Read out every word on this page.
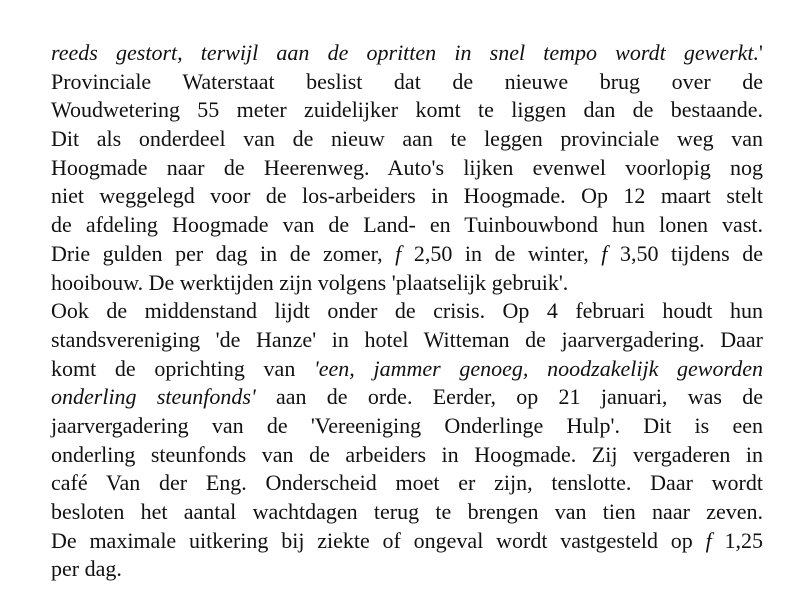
reeds gestort, terwijl aan de opritten in snel tempo wordt gewerkt.'
Provinciale Waterstaat beslist dat de nieuwe brug over de
Woudwetering 55 meter zuidelijker komt te liggen dan de bestaande.
Dit als onderdeel van de nieuw aan te leggen provinciale weg van
Hoogmade naar de Heerenweg. Auto's lijken evenwel voorlopig nog
niet weggelegd voor de los-arbeiders in Hoogmade. Op 12 maart stelt
de afdeling Hoogmade van de Land- en Tuinbouwbond hun lonen vast.
Drie gulden per dag in de zomer, f 2,50 in de winter, f 3,50 tijdens de
hooibouw. De werktijden zijn volgens 'plaatselijk gebruik'.
Ook de middenstand lijdt onder de crisis. Op 4 februari houdt hun
standsvereniging 'de Hanze' in hotel Witteman de jaarvergadering. Daar
komt de oprichting van 'een, jammer genoeg, noodzakelijk geworden
onderling steunfonds' aan de orde. Eerder, op 21 januari, was de
jaarvergadering van de 'Vereeniging Onderlinge Hulp'. Dit is een
onderling steunfonds van de arbeiders in Hoogmade. Zij vergaderen in
café Van der Eng. Onderscheid moet er zijn, tenslotte. Daar wordt
besloten het aantal wachtdagen terug te brengen van tien naar zeven.
De maximale uitkering bij ziekte of ongeval wordt vastgesteld op f 1,25
per dag.
